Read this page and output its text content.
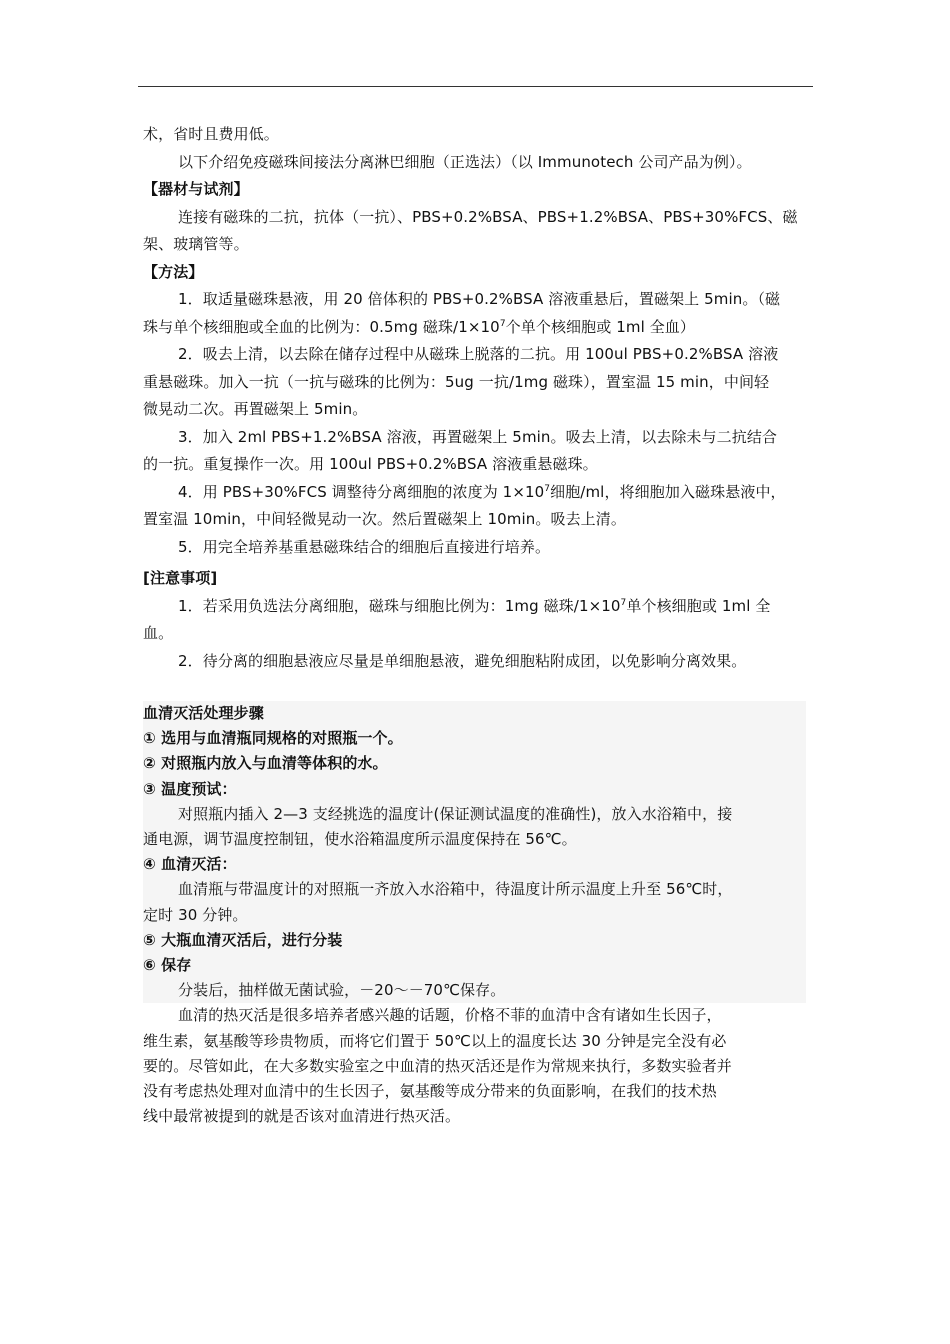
术，省时且费用低。
以下介绍免疫磁珠间接法分离淋巴细胞（正选法）（以 Immunotech 公司产品为例）。
【器材与试剂】
连接有磁珠的二抗，抗体（一抗）、PBS+0.2%BSA、PBS+1.2%BSA、PBS+30%FCS、磁
架、玻璃管等。
【方法】
1．取适量磁珠悬液，用 20 倍体积的 PBS+0.2%BSA 溶液重悬后，置磁架上 5min。（磁
珠与单个核细胞或全血的比例为：0.5mg 磁珠$/1\times 10^7$个单个核细胞或 1ml 全血）
2．吸去上清，以去除在储存过程中从磁珠上脱落的二抗。用 100ul PBS+0.2%BSA 溶液
重悬磁珠。加入一抗（一抗与磁珠的比例为：5ug 一抗/1mg 磁珠），置室温 15 min，中间轻
微晃动二次。再置磁架上 5min。
3．加入 2ml PBS+1.2%BSA 溶液，再置磁架上 5min。吸去上清，以去除未与二抗结合
的一抗。重复操作一次。用 100ul PBS+0.2%BSA 溶液重悬磁珠。
4．用 PBS+30%FCS 调整待分离细胞的浓度为 $1\times 10^7$细胞/ml，将细胞加入磁珠悬液中，
置室温 10min，中间轻微晃动一次。然后置磁架上 10min。吸去上清。
5．用完全培养基重悬磁珠结合的细胞后直接进行培养。
[注意事项]
1．若采用负选法分离细胞，磁珠与细胞比例为：1mg 磁珠$/1\times 10^7$单个核细胞或 1ml 全
血。
2．待分离的细胞悬液应尽量是单细胞悬液，避免细胞粘附成团，以免影响分离效果。
血清灭活处理步骤
① 选用与血清瓶同规格的对照瓶一个。
② 对照瓶内放入与血清等体积的水。
③ 温度预试：
对照瓶内插入 2—3 支经挑选的温度计(保证测试温度的准确性)，放入水浴箱中，接
通电源，调节温度控制钮，使水浴箱温度所示温度保持在 56℃。
④ 血清灭活：
血清瓶与带温度计的对照瓶一齐放入水浴箱中，待温度计所示温度上升至 56℃时，
定时 30 分钟。
⑤ 大瓶血清灭活后，进行分装
⑥ 保存
分装后，抽样做无菌试验，－20～－70℃保存。
血清的热灭活是很多培养者感兴趣的话题，价格不菲的血清中含有诸如生长因子，
维生素，氨基酸等珍贵物质，而将它们置于 50℃以上的温度长达 30 分钟是完全没有必
要的。尽管如此，在大多数实验室之中血清的热灭活还是作为常规来执行，多数实验者并
没有考虑热处理对血清中的生长因子，氨基酸等成分带来的负面影响，在我们的技术热
线中最常被提到的就是否该对血清进行热灭活。
